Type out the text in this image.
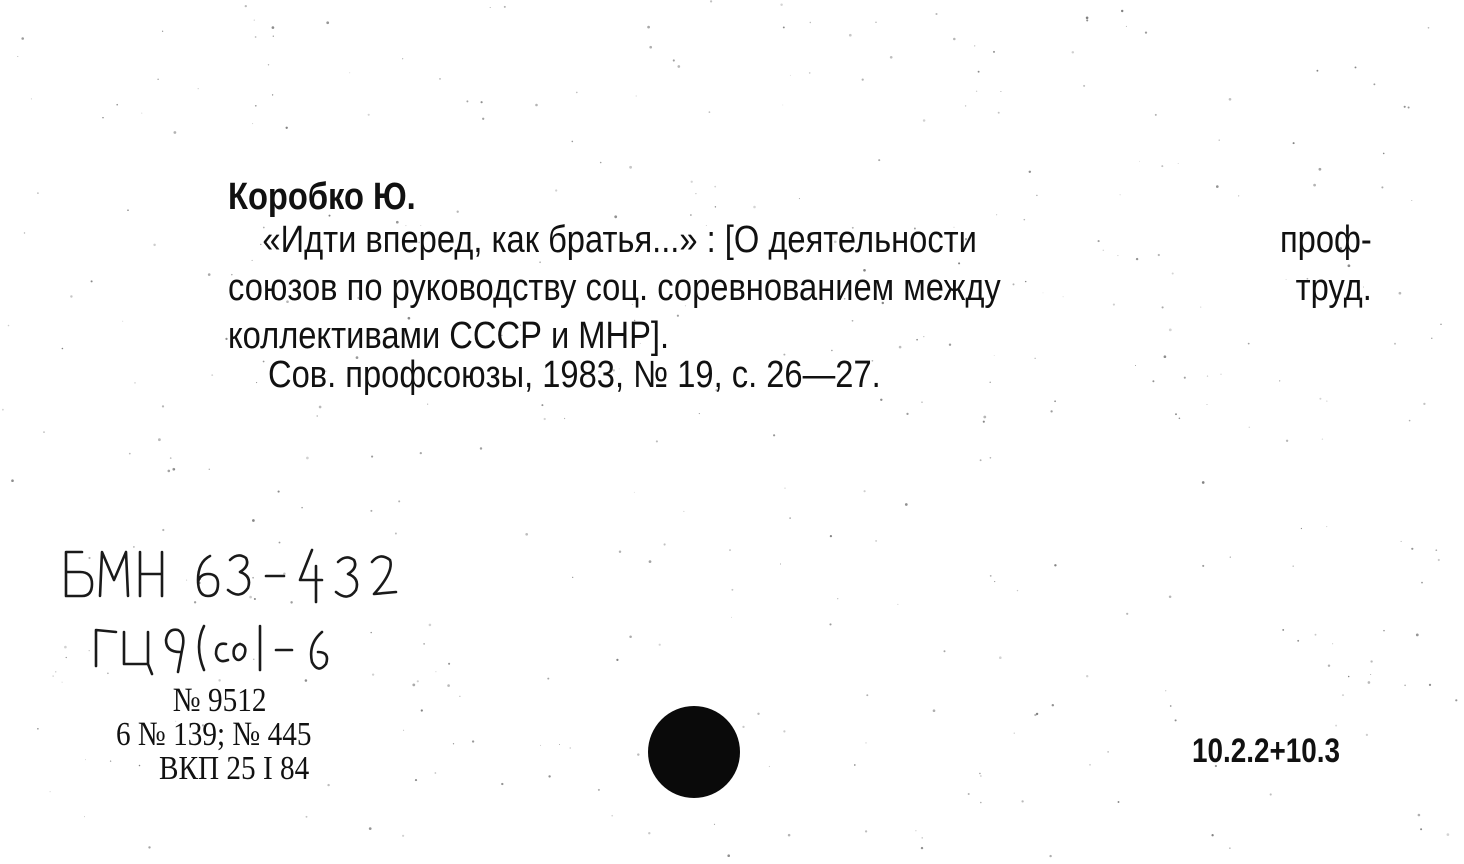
Коробко Ю.
«Идти вперед, как братья...» : [О деятельности	проф-
союзов по руководству соц. соревнованием между	труд.
коллективами СССР и МНР].
Сов. профсоюзы, 1983, № 19, с. 26—27.
№ 9512
6 № 139; № 445
ВКП 25 I 84	10.2.2+10.3
